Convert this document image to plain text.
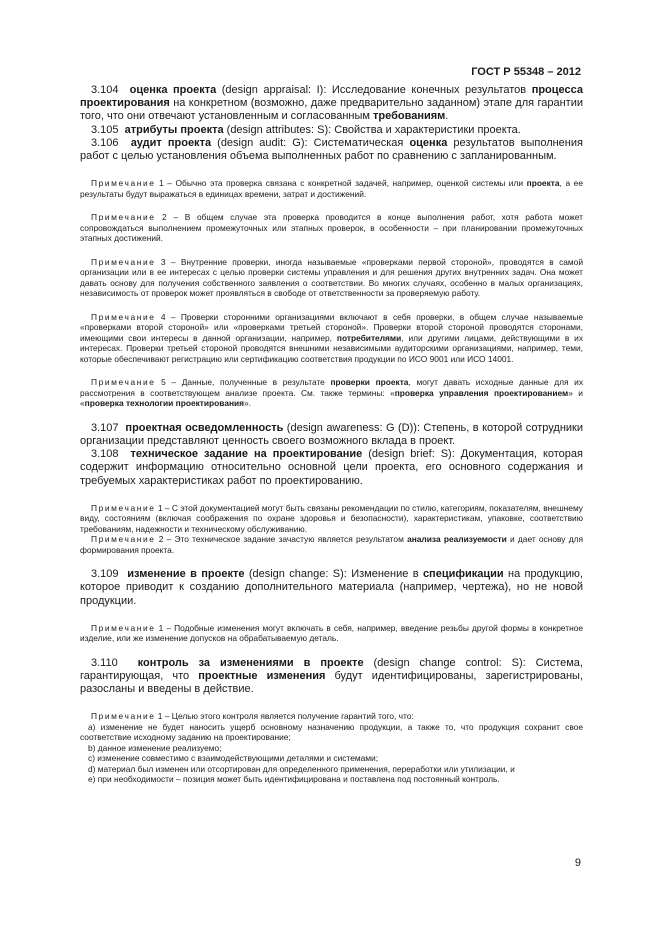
ГОСТ Р 55348 – 2012

3.104 оценка проекта (design appraisal: I): Исследование конечных результатов процесса проектирования на конкретном (возможно, даже предварительно заданном) этапе для гарантии того, что они отвечают установленным и согласованным требованиям.

3.105 атрибуты проекта (design attributes: S): Свойства и характеристики проекта.

3.106 аудит проекта (design audit: G): Систематическая оценка результатов выполнения работ с целью установления объема выполненных работ по сравнению с запланированным.

Примечание 1 – Обычно эта проверка связана с конкретной задачей, например, оценкой системы или проекта, а ее результаты будут выражаться в единицах времени, затрат и достижений.

Примечание 2 – В общем случае эта проверка проводится в конце выполнения работ, хотя работа может сопровождаться выполнением промежуточных или этапных проверок, в особенности – при планировании промежуточных этапных достижений.

Примечание 3 – Внутренние проверки, иногда называемые «проверками первой стороной», проводятся в самой организации или в ее интересах с целью проверки системы управления и для решения других внутренних задач. Она может давать основу для получения собственного заявления о соответствии. Во многих случаях, особенно в малых организациях, независимость от проверок может проявляться в свободе от ответственности за проверяемую работу.

Примечание 4 – Проверки сторонними организациями включают в себя проверки, в общем случае называемые «проверками второй стороной» или «проверками третьей стороной». Проверки второй стороной проводятся сторонами, имеющими свои интересы в данной организации, например, потребителями, или другими лицами, действующими в их интересах. Проверки третьей стороной проводятся внешними независимыми аудиторскими организациями, например, теми, которые обеспечивают регистрацию или сертификацию соответствия продукции по ИСО 9001 или ИСО 14001.

Примечание 5 – Данные, полученные в результате проверки проекта, могут давать исходные данные для их рассмотрения в соответствующем анализе проекта. См. также термины: «проверка управления проектированием» и «проверка технологии проектирования».

3.107 проектная осведомленность (design awareness: G (D)): Степень, в которой сотрудники организации представляют ценность своего возможного вклада в проект.

3.108 техническое задание на проектирование (design brief: S): Документация, которая содержит информацию относительно основной цели проекта, его основного содержания и требуемых характеристиках работ по проектированию.

Примечание 1 – С этой документацией могут быть связаны рекомендации по стилю, категориям, показателям, внешнему виду, состояниям (включая соображения по охране здоровья и безопасности), характеристикам, упаковке, соответствию требованиям, надежности и техническому обслуживанию.

Примечание 2 – Это техническое задание зачастую является результатом анализа реализуемости и дает основу для формирования проекта.

3.109 изменение в проекте (design change: S): Изменение в спецификации на продукцию, которое приводит к созданию дополнительного материала (например, чертежа), но не новой продукции.

Примечание 1 – Подобные изменения могут включать в себя, например, введение резьбы другой формы в конкретное изделие, или же изменение допусков на обрабатываемую деталь.

3.110 контроль за изменениями в проекте (design change control: S): Система, гарантирующая, что проектные изменения будут идентифицированы, зарегистрированы, разосланы и введены в действие.

Примечание 1 – Целью этого контроля является получение гарантий того, что:

a) изменение не будет наносить ущерб основному назначению продукции, а также то, что продукция сохранит свое соответствие исходному заданию на проектирование;

b) данное изменение реализуемо;

c) изменение совместимо с взаимодействующими деталями и системами;

d) материал был изменен или отсортирован для определенного применения, переработки или утилизации, и

e) при необходимости – позиция может быть идентифицирована и поставлена под постоянный контроль.

9
